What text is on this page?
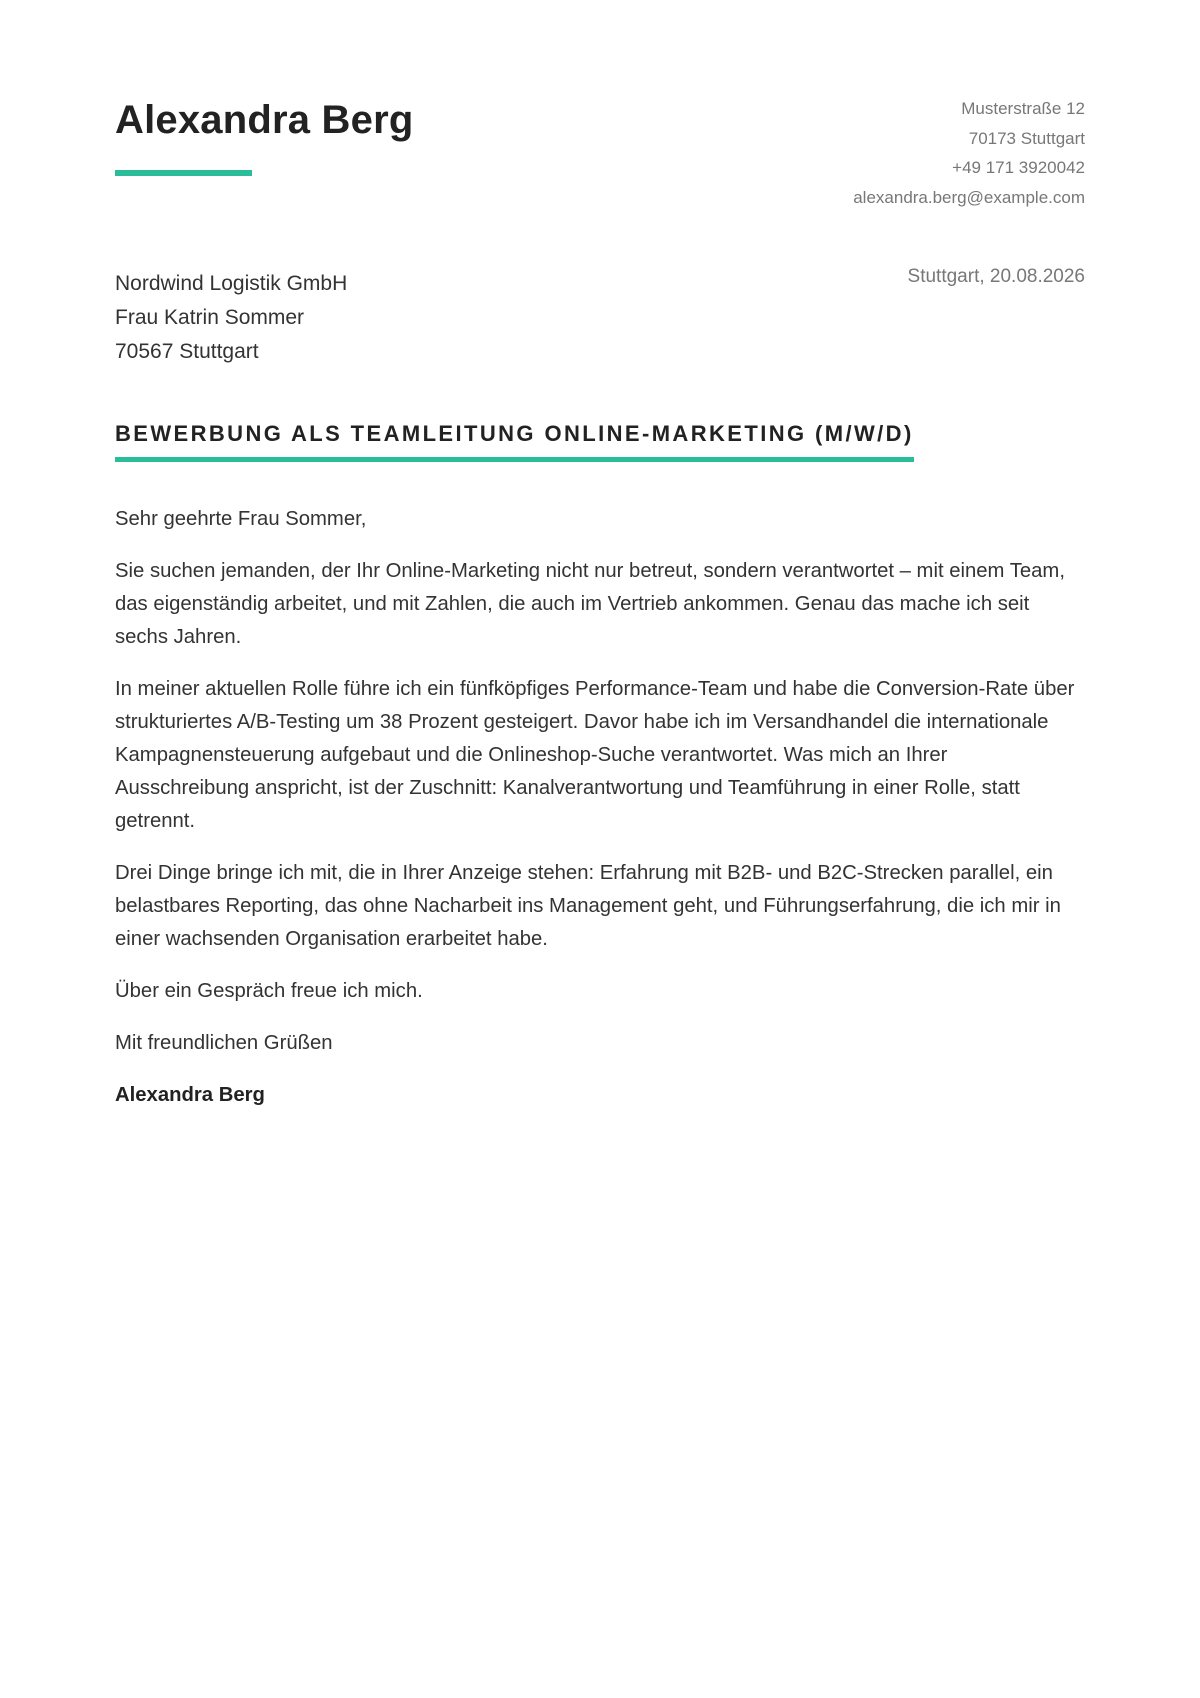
Alexandra Berg	Musterstraße 12
70173 Stuttgart
+49 171 3920042
alexandra.berg@example.com
Nordwind Logistik GmbH
Frau Katrin Sommer
70567 Stuttgart
Stuttgart, 20.08.2026
BEWERBUNG ALS TEAMLEITUNG ONLINE-MARKETING (M/W/D)

Sehr geehrte Frau Sommer,

Sie suchen jemanden, der Ihr Online-Marketing nicht nur betreut, sondern verantwortet – mit einem Team, das eigenständig arbeitet, und mit Zahlen, die auch im Vertrieb ankommen. Genau das mache ich seit sechs Jahren.

In meiner aktuellen Rolle führe ich ein fünfköpfiges Performance-Team und habe die Conversion-Rate über strukturiertes A/B-Testing um 38 Prozent gesteigert. Davor habe ich im Versandhandel die internationale Kampagnensteuerung aufgebaut und die Onlineshop-Suche verantwortet. Was mich an Ihrer Ausschreibung anspricht, ist der Zuschnitt: Kanalverantwortung und Teamführung in einer Rolle, statt getrennt.

Drei Dinge bringe ich mit, die in Ihrer Anzeige stehen: Erfahrung mit B2B- und B2C-Strecken parallel, ein belastbares Reporting, das ohne Nacharbeit ins Management geht, und Führungserfahrung, die ich mir in einer wachsenden Organisation erarbeitet habe.

Über ein Gespräch freue ich mich.

Mit freundlichen Grüßen

Alexandra Berg
